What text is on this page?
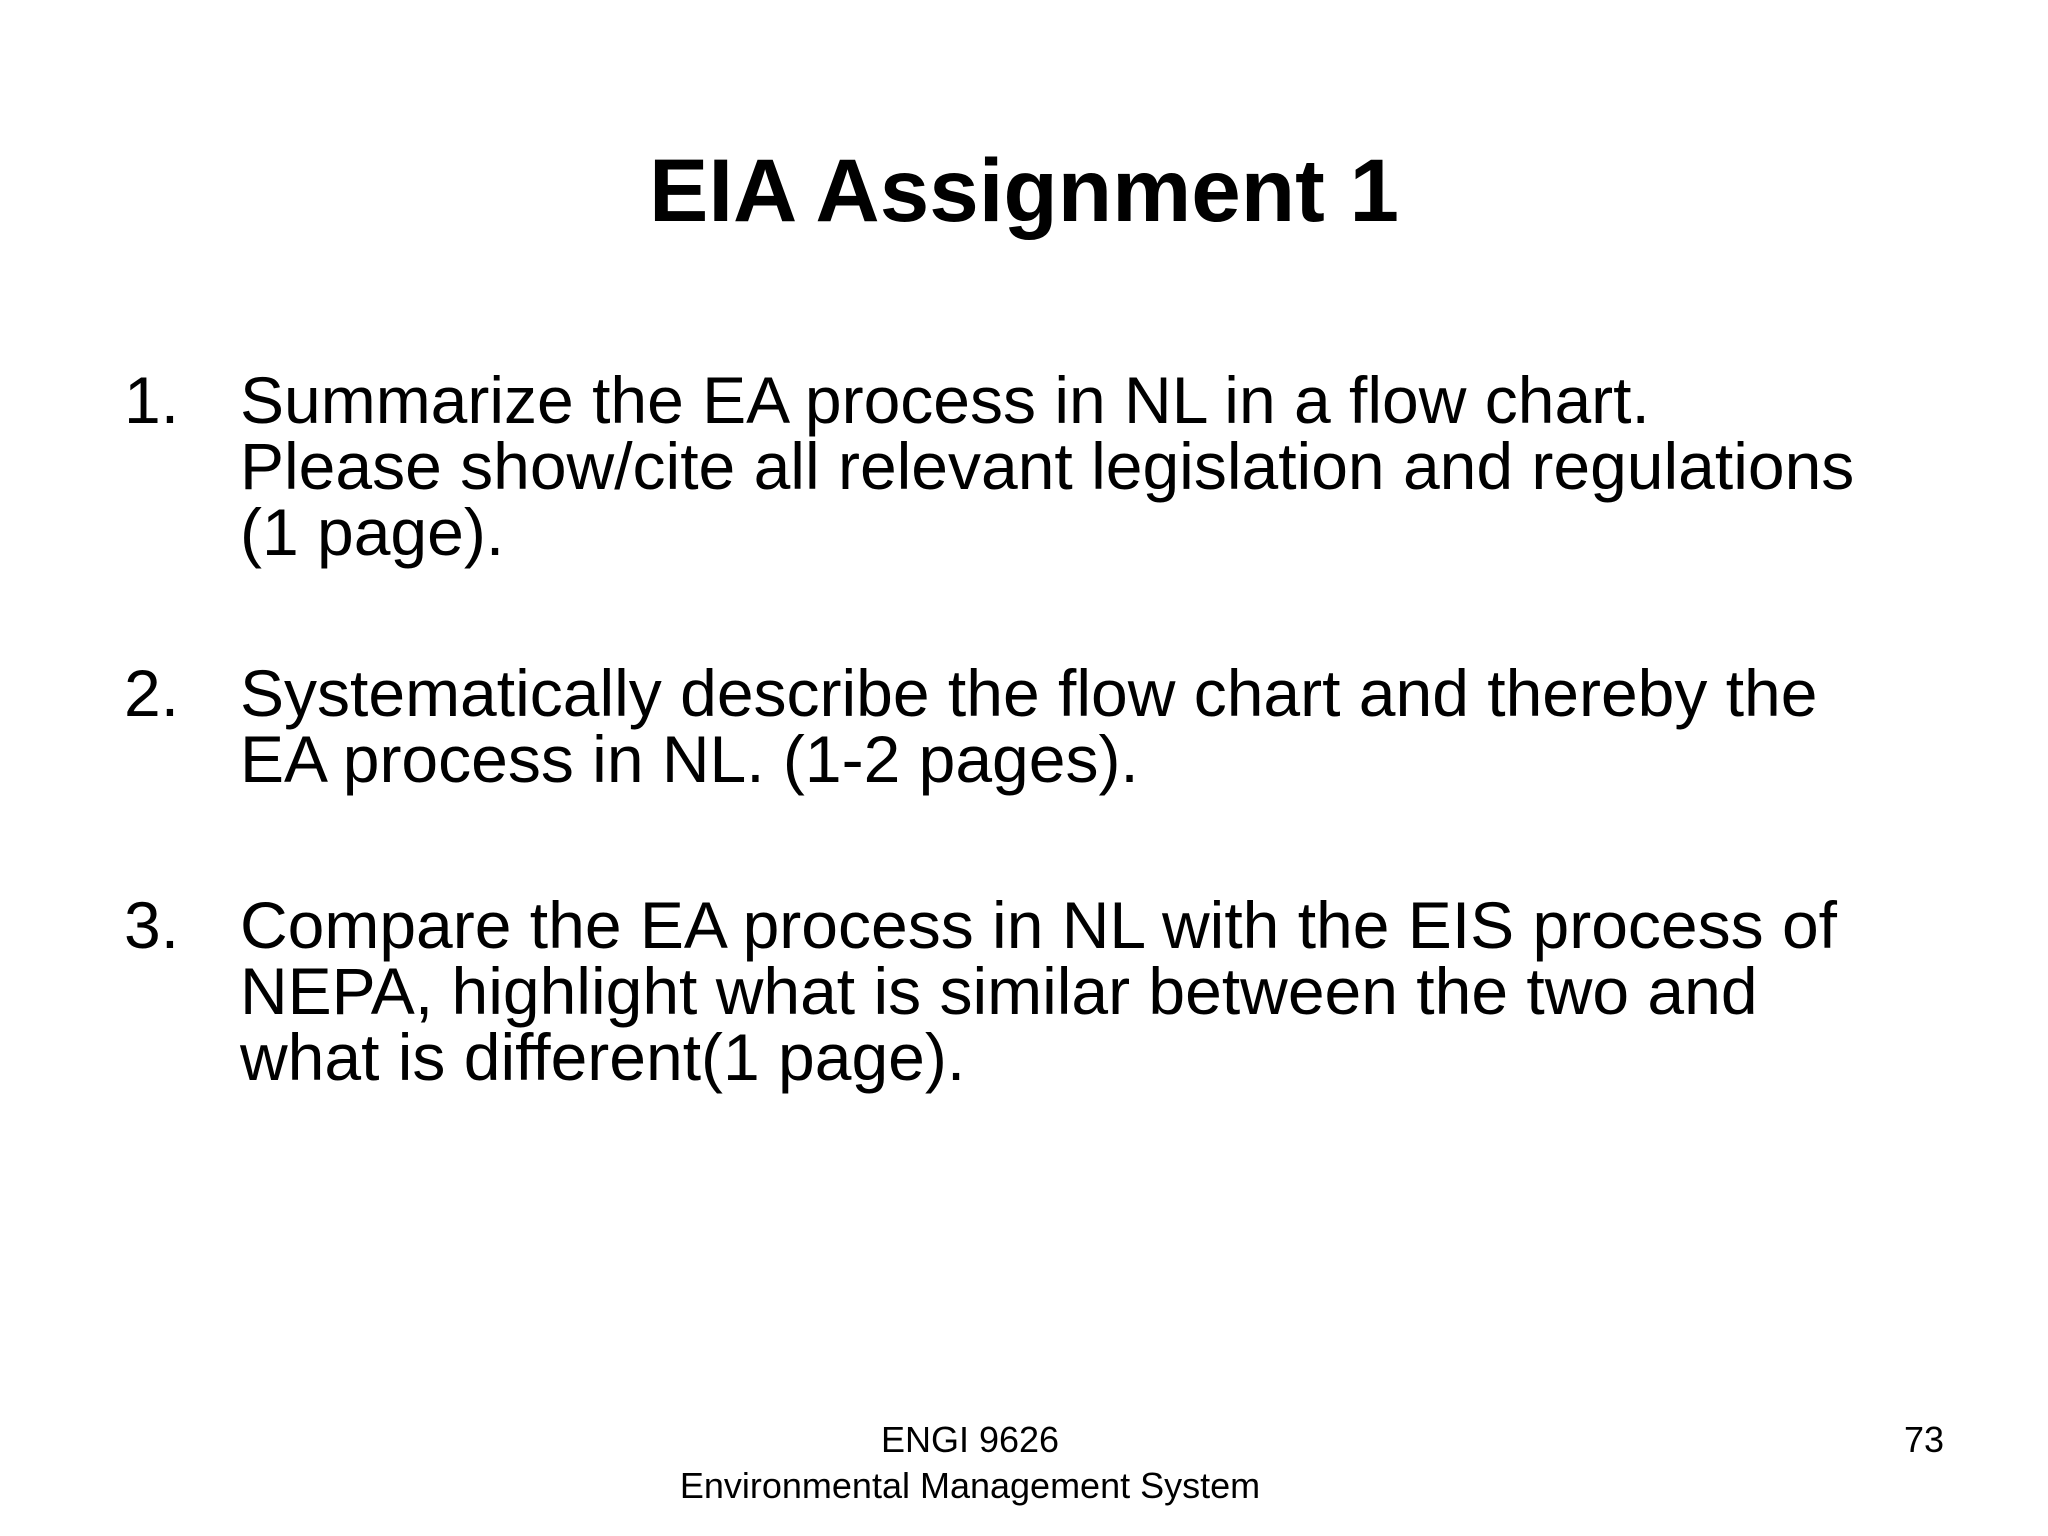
EIA Assignment 1
1. Summarize the EA process in NL in a flow chart.
Please show/cite all relevant legislation and regulations
(1 page).
2. Systematically describe the flow chart and thereby the
EA process in NL. (1-2 pages).
3. Compare the EA process in NL with the EIS process of
NEPA, highlight what is similar between the two and
what is different(1 page).
ENGI 9626
Environmental Management System
73
